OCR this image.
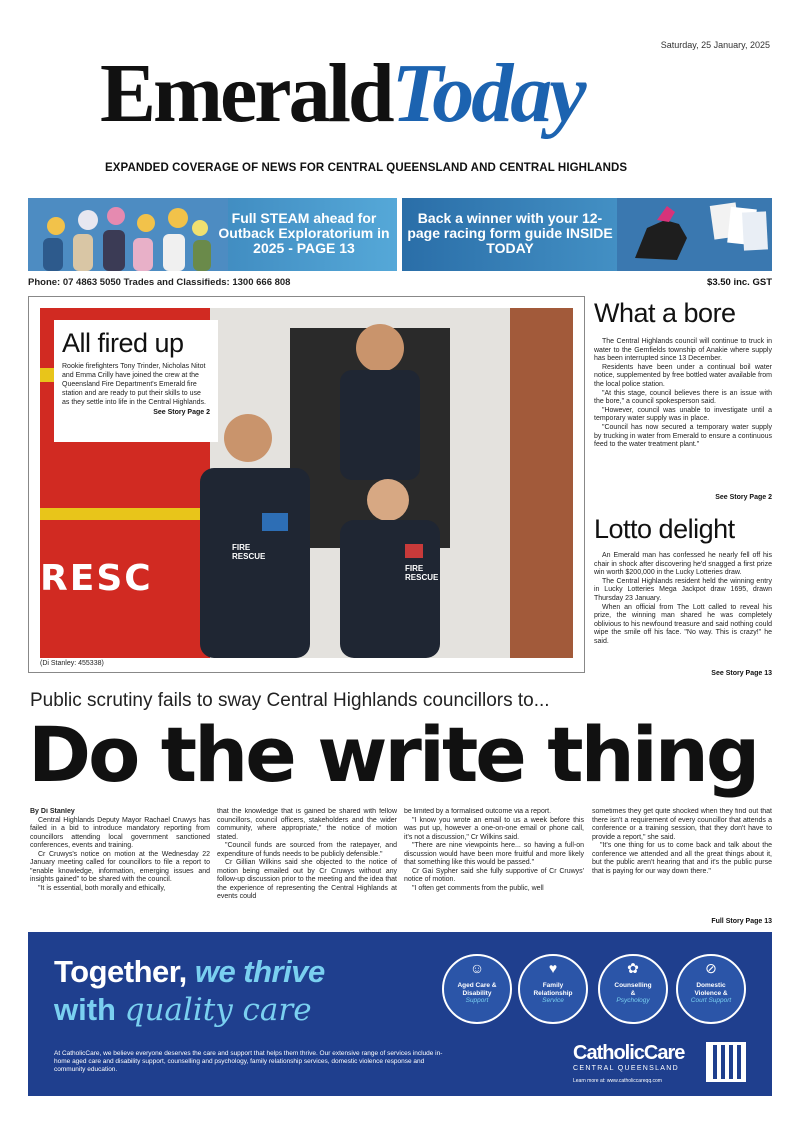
Saturday, 25 January, 2025
EmeraldToday
EXPANDED COVERAGE OF NEWS FOR CENTRAL QUEENSLAND AND CENTRAL HIGHLANDS
Full STEAM ahead for Outback Exploratorium in 2025 - PAGE 13
Back a winner with your 12-page racing form guide INSIDE TODAY
Phone: 07 4863 5050 Trades and Classifieds: 1300 666 808	$3.50 inc. GST
RESC
FIRE
RESCUE
FIRE
RESCUE
All fired up
Rookie firefighters Tony Trinder, Nicholas Nitot and Emma Crilly have joined the crew at the Queensland Fire Department's Emerald fire station and are ready to put their skills to use as they settle into life in the Central Highlands.
See Story Page 2
(Di Stanley: 455338)
What a bore

The Central Highlands council will continue to truck in water to the Gemfields township of Anakie where supply has been interrupted since 13 December.

Residents have been under a continual boil water notice, supplemented by free bottled water available from the local police station.

"At this stage, council believes there is an issue with the bore," a council spokesperson said.

"However, council was unable to investigate until a temporary water supply was in place.

"Council has now secured a temporary water supply by trucking in water from Emerald to ensure a continuous feed to the water treatment plant."

See Story Page 2
Lotto delight

An Emerald man has confessed he nearly fell off his chair in shock after discovering he'd snagged a first prize win worth $200,000 in the Lucky Lotteries draw.

The Central Highlands resident held the winning entry in Lucky Lotteries Mega Jackpot draw 1695, drawn Thursday 23 January.

When an official from The Lott called to reveal his prize, the winning man shared he was completely oblivious to his newfound treasure and said nothing could wipe the smile off his face. "No way. This is crazy!" he said.

See Story Page 13
Public scrutiny fails to sway Central Highlands councillors to...
Do the write thing
By Di Stanley

Central Highlands Deputy Mayor Rachael Cruwys has failed in a bid to introduce mandatory reporting from councillors attending local government sanctioned conferences, events and training.

Cr Cruwys's notice on motion at the Wednesday 22 January meeting called for councillors to file a report to "enable knowledge, information, emerging issues and insights gained" to be shared with the council.

"It is essential, both morally and ethically,

that the knowledge that is gained be shared with fellow councillors, council officers, stakeholders and the wider community, where appropriate," the notice of motion stated.

"Council funds are sourced from the ratepayer, and expenditure of funds needs to be publicly defensible."

Cr Gillian Wilkins said she objected to the notice of motion being emailed out by Cr Cruwys without any follow-up discussion prior to the meeting and the idea that the experience of representing the Central Highlands at events could

be limited by a formalised outcome via a report.

"I know you wrote an email to us a week before this was put up, however a one-on-one email or phone call, it's not a discussion," Cr Wilkins said.

"There are nine viewpoints here... so having a full-on discussion would have been more fruitful and more likely that something like this would be passed."

Cr Gai Sypher said she fully supportive of Cr Cruwys' notice of motion.

"I often get comments from the public, well

sometimes they get quite shocked when they find out that there isn't a requirement of every councillor that attends a conference or a training session, that they don't have to provide a report," she said.

"It's one thing for us to come back and talk about the conference we attended and all the great things about it, but the public aren't hearing that and it's the public purse that is paying for our way down there."

Full Story Page 13
Together, we thrive
with quality care
At CatholicCare, we believe everyone deserves the care and support that helps them thrive. Our extensive range of services include in-home aged care and disability support, counselling and psychology, family relationship services, domestic violence response and community education.
☺
Aged Care &
Disability
Support
♥
Family
Relationship
Service
✿
Counselling
&
Psychology
⊘
Domestic
Violence &
Court Support
CatholicCare
CENTRAL QUEENSLAND
Learn more at: www.catholiccareqq.com
